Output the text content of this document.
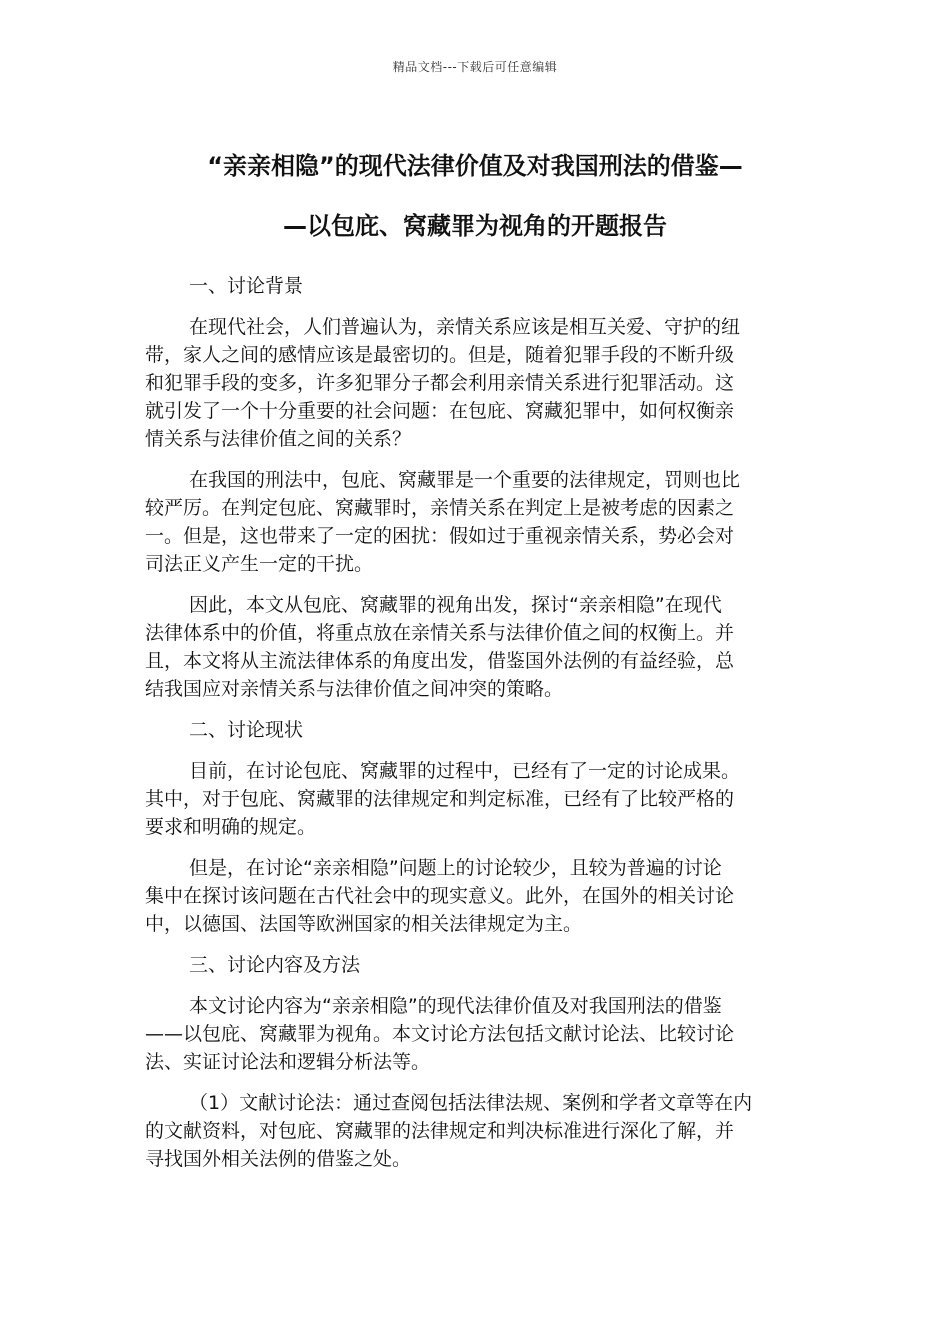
精品文档---下载后可任意编辑
“亲亲相隐”的现代法律价值及对我国刑法的借鉴—
—以包庇、窝藏罪为视角的开题报告
一、讨论背景
在现代社会，人们普遍认为，亲情关系应该是相互关爱、守护的纽
带，家人之间的感情应该是最密切的。但是，随着犯罪手段的不断升级
和犯罪手段的变多，许多犯罪分子都会利用亲情关系进行犯罪活动。这
就引发了一个十分重要的社会问题：在包庇、窝藏犯罪中，如何权衡亲
情关系与法律价值之间的关系？
在我国的刑法中，包庇、窝藏罪是一个重要的法律规定，罚则也比
较严厉。在判定包庇、窝藏罪时，亲情关系在判定上是被考虑的因素之
一。但是，这也带来了一定的困扰：假如过于重视亲情关系，势必会对
司法正义产生一定的干扰。
因此，本文从包庇、窝藏罪的视角出发，探讨“亲亲相隐”在现代
法律体系中的价值，将重点放在亲情关系与法律价值之间的权衡上。并
且，本文将从主流法律体系的角度出发，借鉴国外法例的有益经验，总
结我国应对亲情关系与法律价值之间冲突的策略。
二、讨论现状
目前，在讨论包庇、窝藏罪的过程中，已经有了一定的讨论成果。
其中，对于包庇、窝藏罪的法律规定和判定标准，已经有了比较严格的
要求和明确的规定。
但是，在讨论“亲亲相隐”问题上的讨论较少，且较为普遍的讨论
集中在探讨该问题在古代社会中的现实意义。此外，在国外的相关讨论
中，以德国、法国等欧洲国家的相关法律规定为主。
三、讨论内容及方法
本文讨论内容为“亲亲相隐”的现代法律价值及对我国刑法的借鉴
——以包庇、窝藏罪为视角。本文讨论方法包括文献讨论法、比较讨论
法、实证讨论法和逻辑分析法等。
（1）文献讨论法：通过查阅包括法律法规、案例和学者文章等在内
的文献资料，对包庇、窝藏罪的法律规定和判决标准进行深化了解，并
寻找国外相关法例的借鉴之处。
